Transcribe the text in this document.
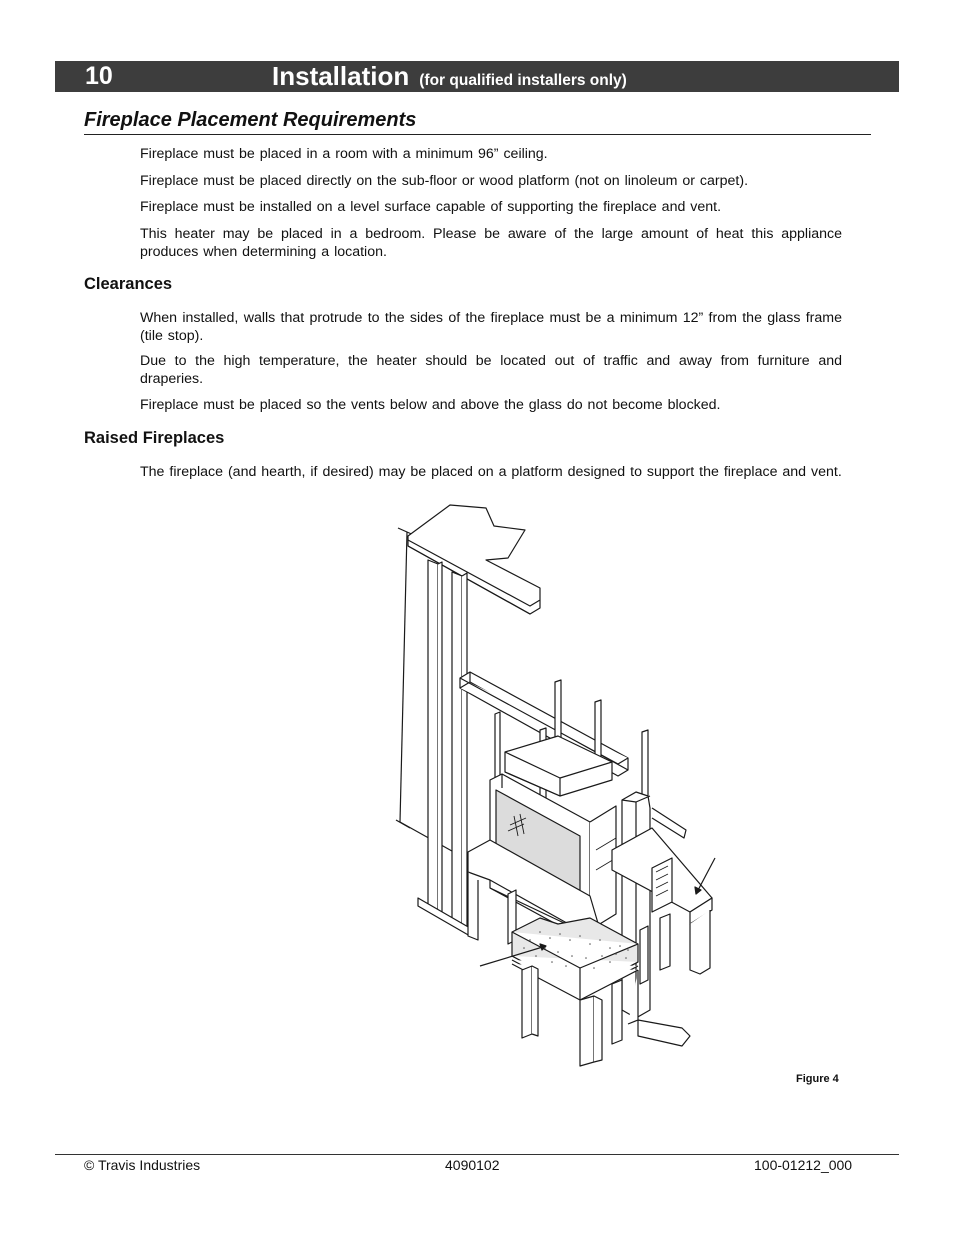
10	Installation (for qualified installers only)
Fireplace Placement Requirements
Fireplace must be placed in a room with a minimum 96” ceiling.
Fireplace must be placed directly on the sub-floor or wood platform (not on linoleum or carpet).
Fireplace must be installed on a level surface capable of supporting the fireplace and vent.
This heater may be placed in a bedroom. Please be aware of the large amount of heat this appliance produces when determining a location.
Clearances
When installed, walls that protrude to the sides of the fireplace must be a minimum 12” from the glass frame (tile stop).
Due to the high temperature, the heater should be located out of traffic and away from furniture and draperies.
Fireplace must be placed so the vents below and above the glass do not become blocked.
Raised Fireplaces
The fireplace (and hearth, if desired) may be placed on a platform designed to support the fireplace and vent.
Figure 4
© Travis Industries	4090102	100-01212_000
